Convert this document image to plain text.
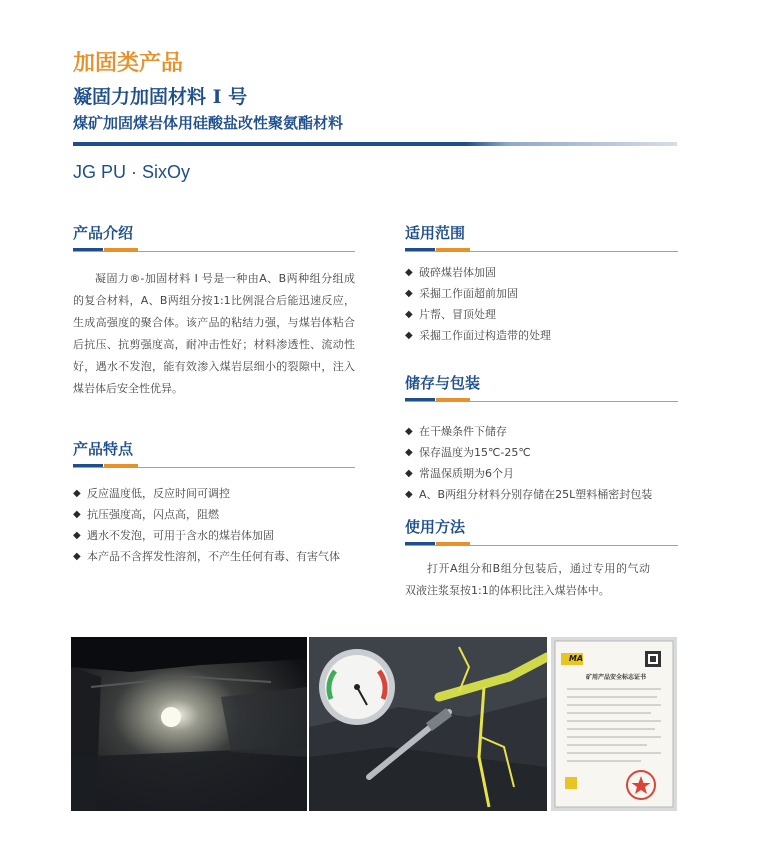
加固类产品
凝固力加固材料 I 号
煤矿加固煤岩体用硅酸盐改性聚氨酯材料
JG PU · SixOy
产品介绍
凝固力®-加固材料 I 号是一种由A、B两种组分组成的复合材料，A、B两组分按1:1比例混合后能迅速反应，生成高强度的聚合体。该产品的粘结力强，与煤岩体粘合后抗压、抗剪强度高，耐冲击性好；材料渗透性、流动性好，遇水不发泡，能有效渗入煤岩层细小的裂隙中，注入煤岩体后安全性优异。
产品特点
◆ 反应温度低，反应时间可调控
◆ 抗压强度高，闪点高，阻燃
◆ 遇水不发泡，可用于含水的煤岩体加固
◆ 本产品不含挥发性溶剂，不产生任何有毒、有害气体
适用范围
◆ 破碎煤岩体加固
◆ 采掘工作面超前加固
◆ 片帮、冒顶处理
◆ 采掘工作面过构造带的处理
储存与包装
◆ 在干燥条件下储存
◆ 保存温度为15℃-25℃
◆ 常温保质期为6个月
◆ A、B两组分材料分别存储在25L塑料桶密封包装
使用方法
打开A组分和B组分包装后，通过专用的气动双液注浆泵按1:1的体积比注入煤岩体中。
MA
矿用产品安全标志证书
